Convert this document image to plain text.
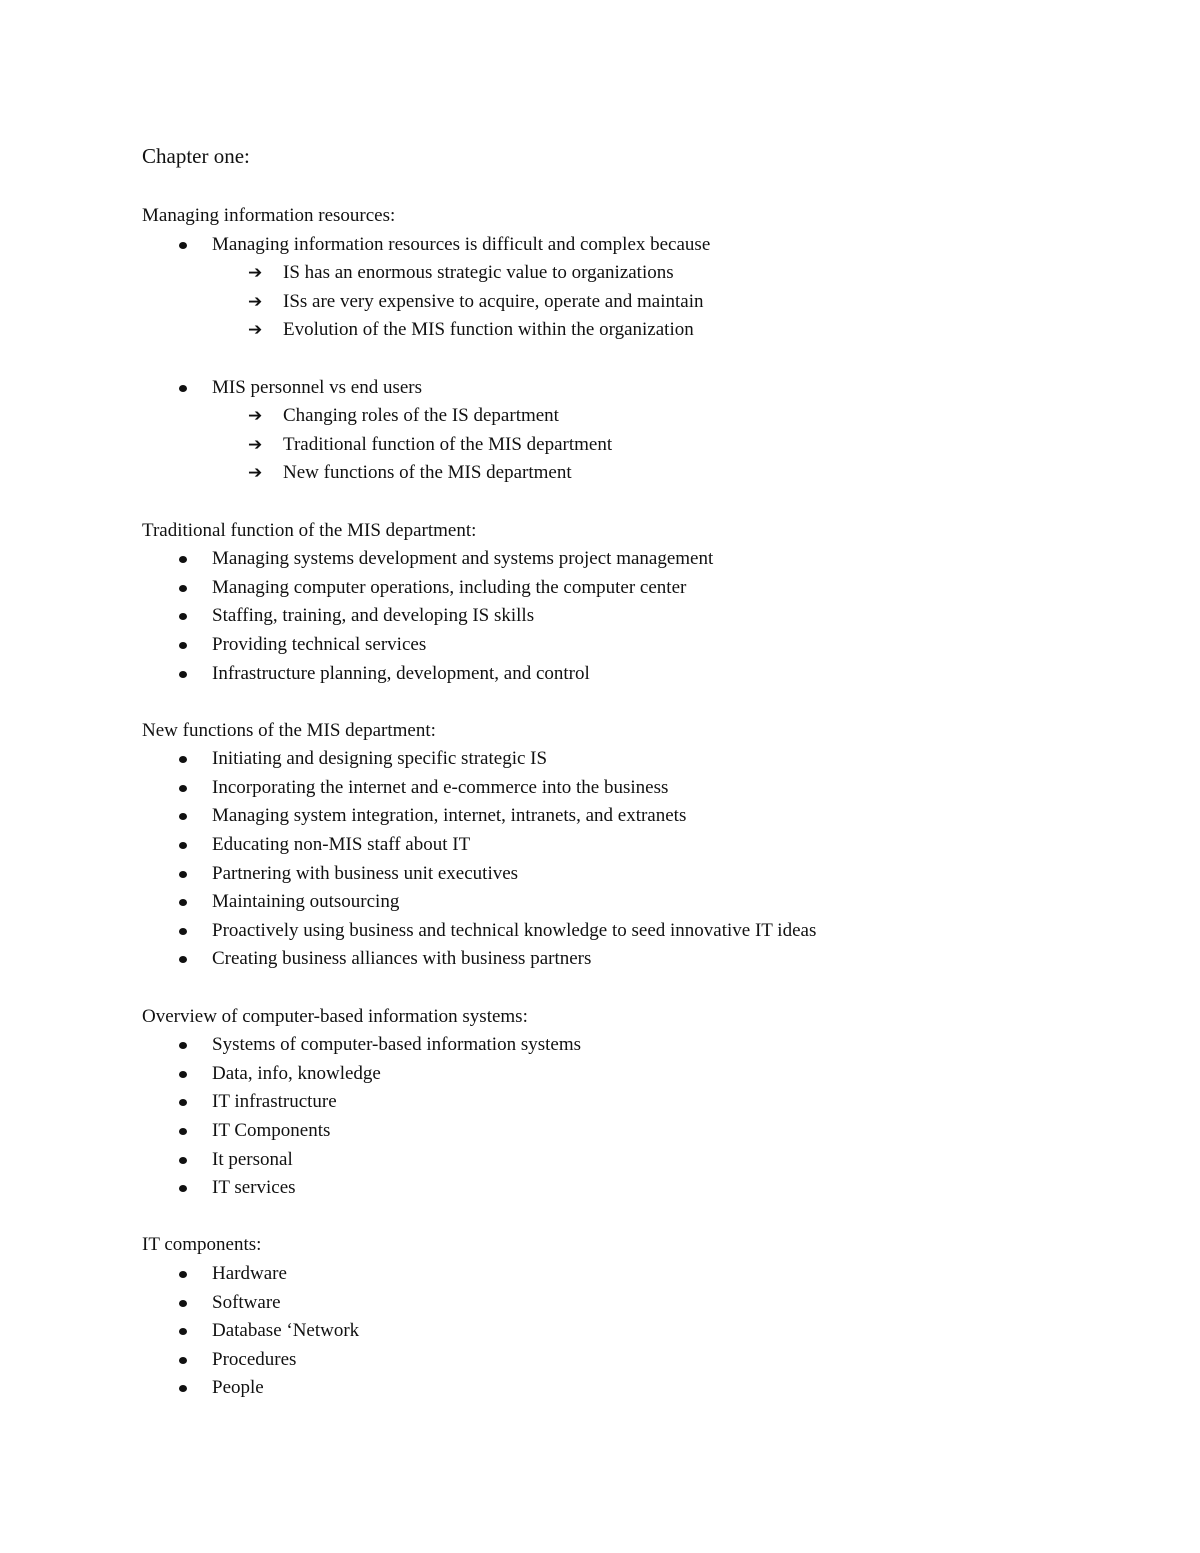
Chapter one:
Managing information resources:
Managing information resources is difficult and complex because
➔ IS has an enormous strategic value to organizations
➔ ISs are very expensive to acquire, operate and maintain
➔ Evolution of the MIS function within the organization
MIS personnel vs end users
➔ Changing roles of the IS department
➔ Traditional function of the MIS department
➔ New functions of the MIS department
Traditional function of the MIS department:
Managing systems development and systems project management
Managing computer operations, including the computer center
Staffing, training, and developing IS skills
Providing technical services
Infrastructure planning, development, and control
New functions of the MIS department:
Initiating and designing specific strategic IS
Incorporating the internet and e-commerce into the business
Managing system integration, internet, intranets, and extranets
Educating non-MIS staff about IT
Partnering with business unit executives
Maintaining outsourcing
Proactively using business and technical knowledge to seed innovative IT ideas
Creating business alliances with business partners
Overview of computer-based information systems:
Systems of computer-based information systems
Data, info, knowledge
IT infrastructure
IT Components
It personal
IT services
IT components:
Hardware
Software
Database ‘Network
Procedures
People
